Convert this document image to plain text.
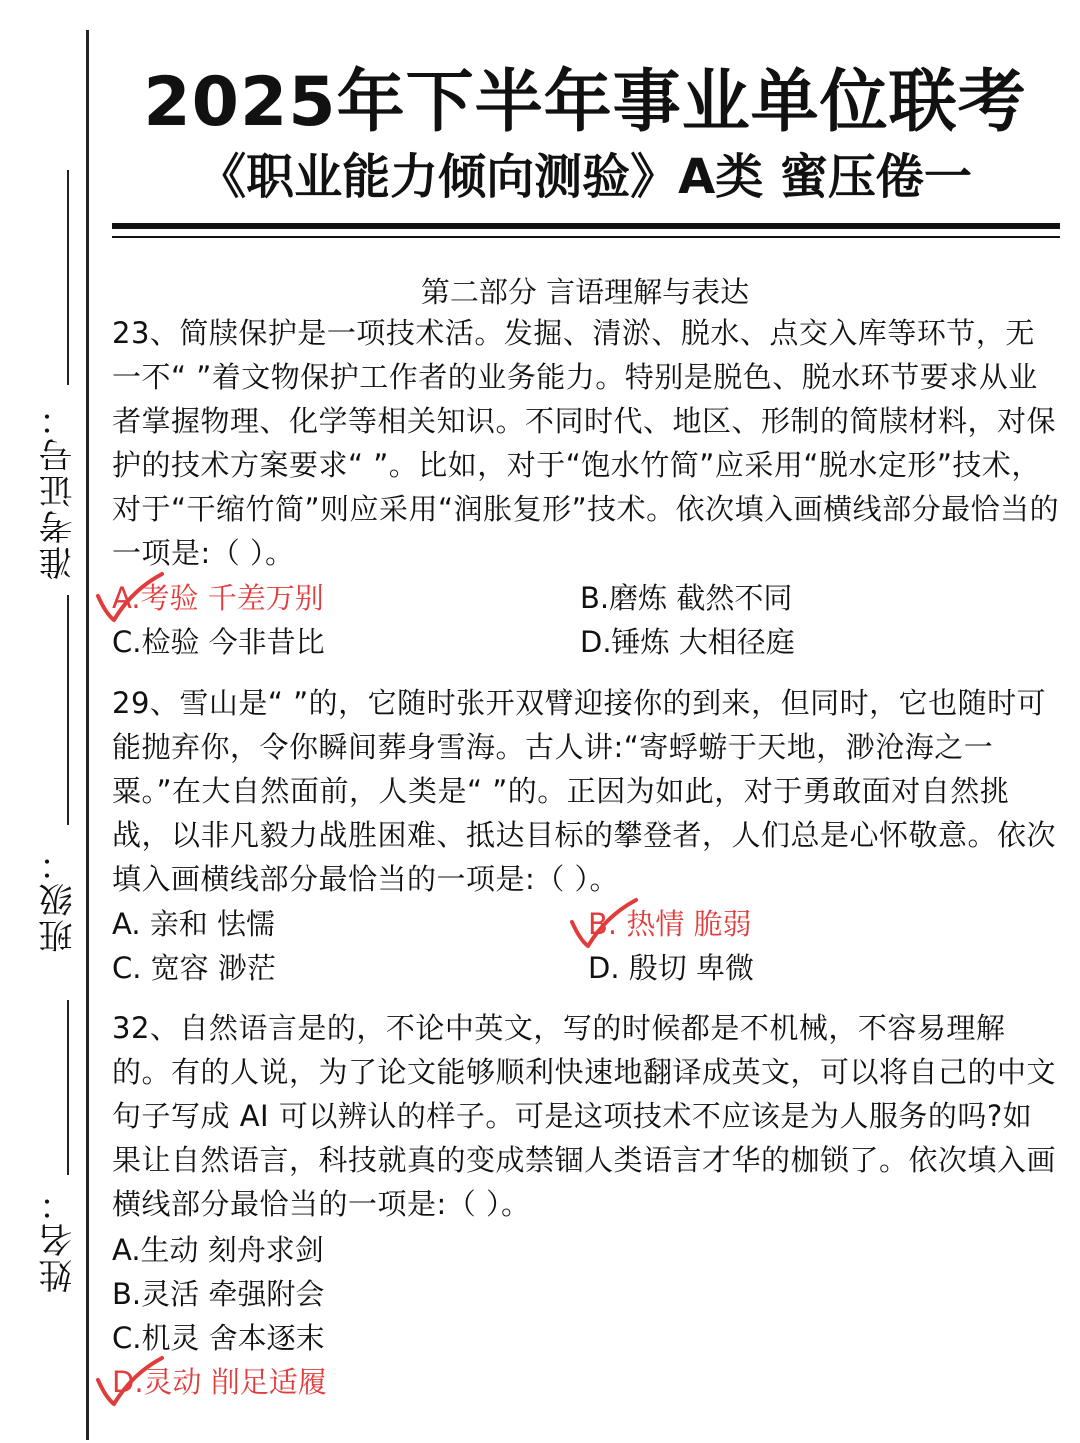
准考证号：
班级：
姓名：
2025年下半年事业单位联考
《职业能力倾向测验》A类 蜜压倦一
第二部分 言语理解与表达
23、简牍保护是一项技术活。发掘、清淤、脱水、点交入库等环节，无一不“ ”着文物保护工作者的业务能力。特别是脱色、脱水环节要求从业者掌握物理、化学等相关知识。不同时代、地区、形制的简牍材料，对保护的技术方案要求“ ”。比如，对于“饱水竹简”应采用“脱水定形”技术，对于“干缩竹简”则应采用“润胀复形”技术。依次填入画横线部分最恰当的一项是:（ ）。
A.考验 千差万别	B.磨炼 截然不同
C.检验 今非昔比	D.锤炼 大相径庭
29、雪山是“ ”的，它随时张开双臂迎接你的到来，但同时，它也随时可能抛弃你，令你瞬间葬身雪海。古人讲:“寄蜉蝣于天地，渺沧海之一粟。”在大自然面前，人类是“ ”的。正因为如此，对于勇敢面对自然挑战，以非凡毅力战胜困难、抵达目标的攀登者，人们总是心怀敬意。依次填入画横线部分最恰当的一项是:（ ）。
A. 亲和 怯懦	B. 热情 脆弱
C. 宽容 渺茫	D. 殷切 卑微
32、自然语言是的，不论中英文，写的时候都是不机械，不容易理解的。有的人说，为了论文能够顺利快速地翻译成英文，可以将自己的中文句子写成 AI 可以辨认的样子。可是这项技术不应该是为人服务的吗?如果让自然语言，科技就真的变成禁锢人类语言才华的枷锁了。依次填入画横线部分最恰当的一项是:（ ）。
A.生动 刻舟求剑
B.灵活 牵强附会
C.机灵 舍本逐末
D.灵动 削足适履
